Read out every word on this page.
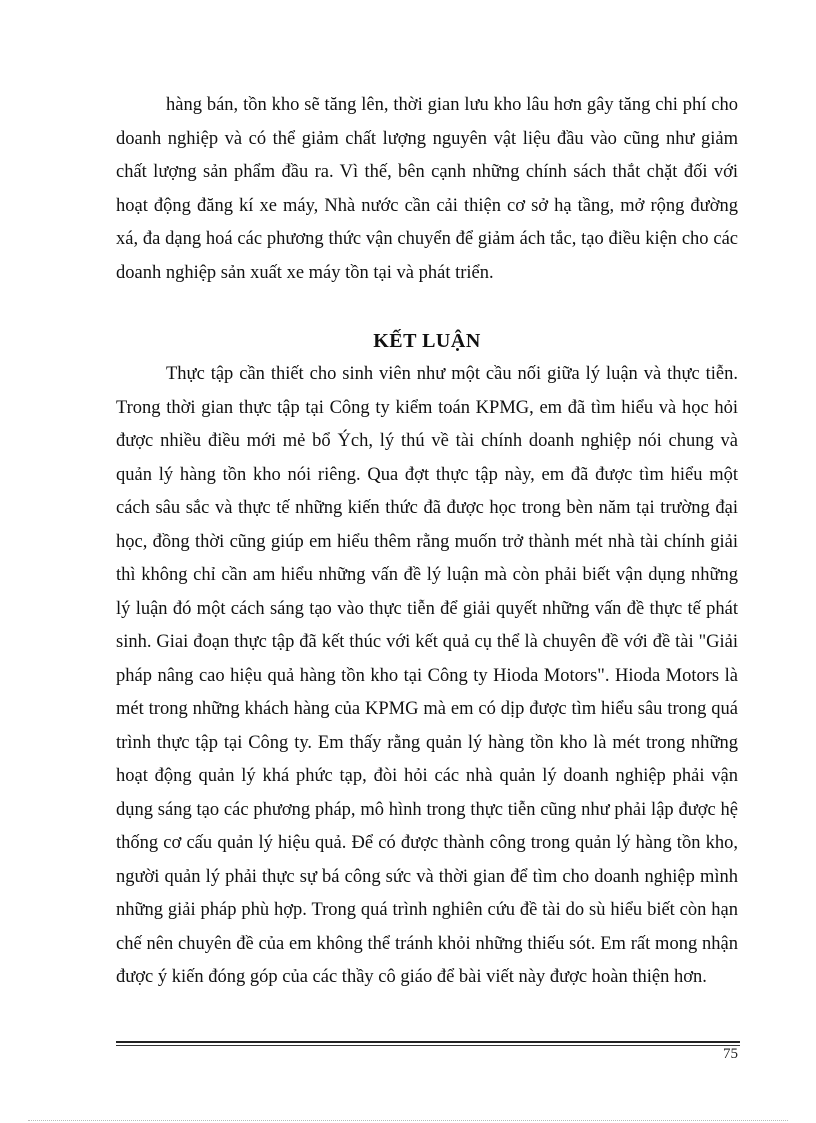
hàng bán, tồn kho sẽ tăng lên, thời gian lưu kho lâu hơn gây tăng chi phí cho doanh nghiệp và có thể giảm chất lượng nguyên vật liệu đầu vào cũng như giảm chất lượng sản phẩm đầu ra. Vì thế, bên cạnh những chính sách thắt chặt đối với hoạt động đăng kí xe máy, Nhà nước cần cải thiện cơ sở hạ tầng, mở rộng đường xá, đa dạng hoá các phương thức vận chuyển để giảm ách tắc, tạo điều kiện cho các doanh nghiệp sản xuất xe máy tồn tại và phát triển.

KẾT LUẬN

Thực tập cần thiết cho sinh viên như một cầu nối giữa lý luận và thực tiễn. Trong thời gian thực tập tại Công ty kiểm toán KPMG, em đã tìm hiểu và học hỏi được nhiều điều mới mẻ bổ Ých, lý thú về tài chính doanh nghiệp nói chung và quản lý hàng tồn kho nói riêng. Qua đợt thực tập này, em đã được tìm hiểu một cách sâu sắc và thực tế những kiến thức đã được học trong bèn năm tại trường đại học, đồng thời cũng giúp em hiểu thêm rằng muốn trở thành mét nhà tài chính giải thì không chỉ cần am hiểu những vấn đề lý luận mà còn phải biết vận dụng những lý luận đó một cách sáng tạo vào thực tiễn để giải quyết những vấn đề thực tế phát sinh. Giai đoạn thực tập đã kết thúc với kết quả cụ thể là chuyên đề với đề tài "Giải pháp nâng cao hiệu quả hàng tồn kho tại Công ty Hioda Motors". Hioda Motors là mét trong những khách hàng của KPMG mà em có dịp được tìm hiểu sâu trong quá trình thực tập tại Công ty. Em thấy rằng quản lý hàng tồn kho là mét trong những hoạt động quản lý khá phức tạp, đòi hỏi các nhà quản lý doanh nghiệp phải vận dụng sáng tạo các phương pháp, mô hình trong thực tiễn cũng như phải lập được hệ thống cơ cấu quản lý hiệu quả. Để có được thành công trong quản lý hàng tồn kho, người quản lý phải thực sự bá công sức và thời gian để tìm cho doanh nghiệp mình những giải pháp phù hợp. Trong quá trình nghiên cứu đề tài do sù hiểu biết còn hạn chế nên chuyên đề của em không thể tránh khỏi những thiếu sót. Em rất mong nhận được ý kiến đóng góp của các thầy cô giáo để bài viết này được hoàn thiện hơn.

75
